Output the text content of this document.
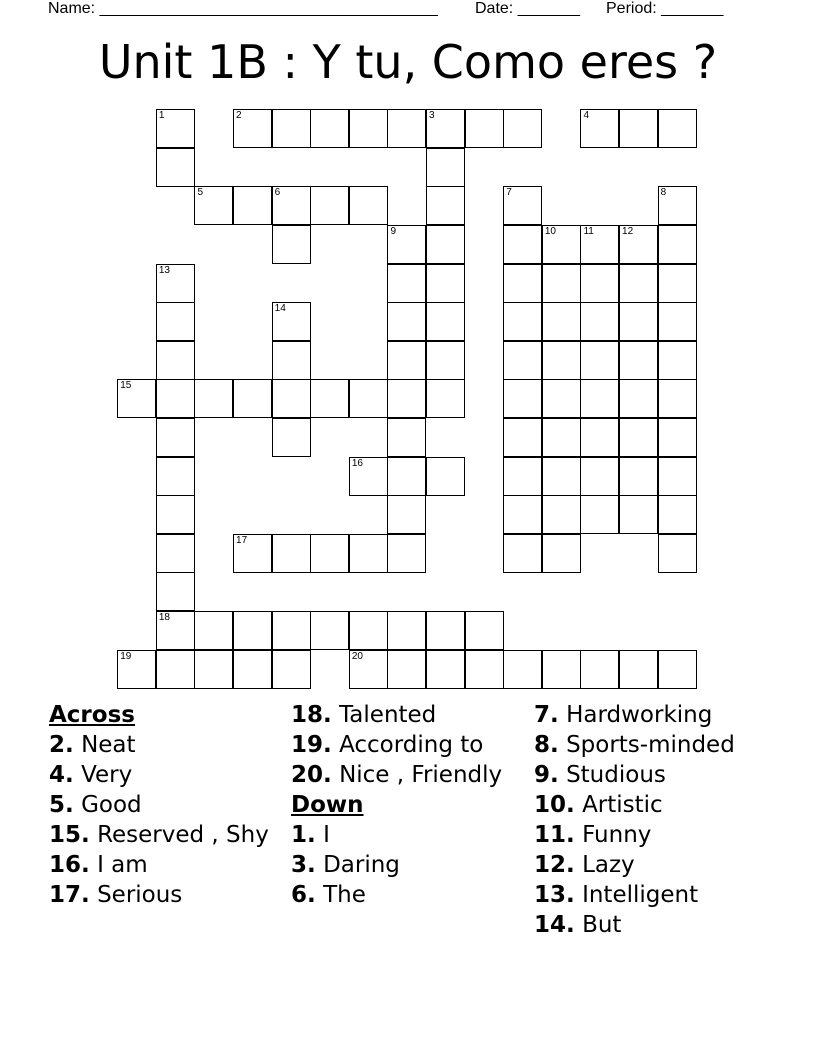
Name: ______________________________________ Date: _______ Period: _______
Unit 1B : Y tu, Como eres ?
2	3	4
5	6
15
16
17
18
19	20
1
7	8
9	10	11	12
13
14
Across
2. Neat
4. Very
5. Good
15. Reserved , Shy
16. I am
17. Serious
18. Talented
19. According to
20. Nice , Friendly
Down
1. I
3. Daring
6. The
7. Hardworking
8. Sports-minded
9. Studious
10. Artistic
11. Funny
12. Lazy
13. Intelligent
14. But
